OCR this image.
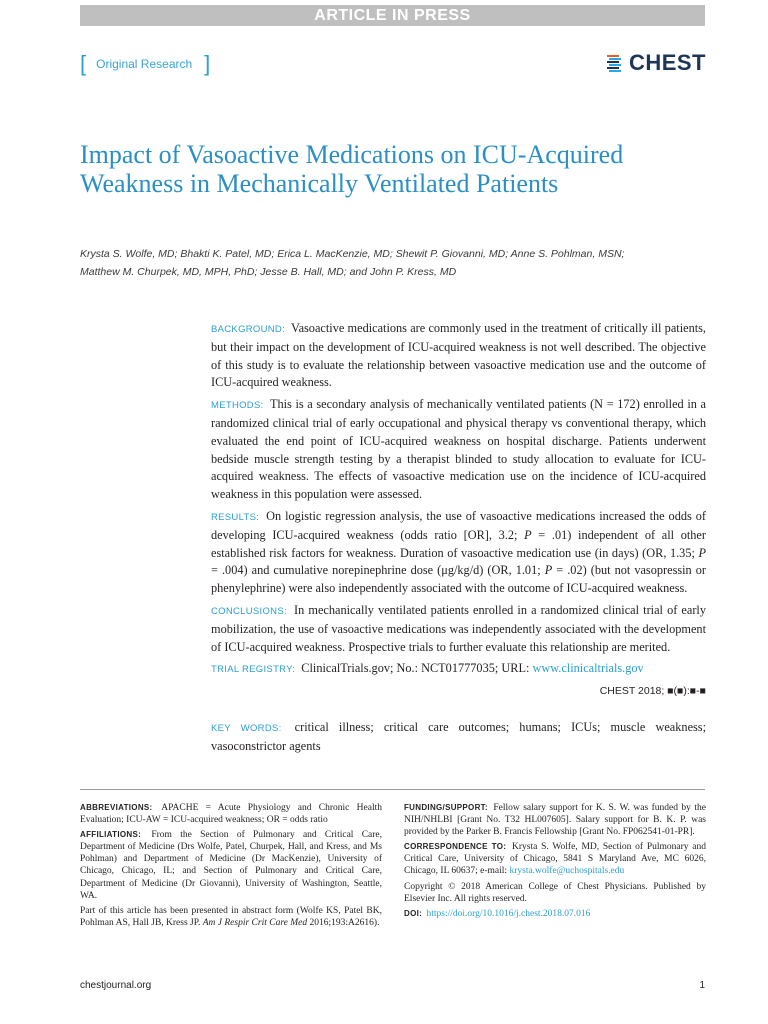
ARTICLE IN PRESS
[ Original Research ]	CHEST
Impact of Vasoactive Medications on ICU-Acquired Weakness in Mechanically Ventilated Patients
Krysta S. Wolfe, MD; Bhakti K. Patel, MD; Erica L. MacKenzie, MD; Shewit P. Giovanni, MD; Anne S. Pohlman, MSN;
Matthew M. Churpek, MD, MPH, PhD; Jesse B. Hall, MD; and John P. Kress, MD

BACKGROUND: Vasoactive medications are commonly used in the treatment of critically ill patients, but their impact on the development of ICU-acquired weakness is not well described. The objective of this study is to evaluate the relationship between vasoactive medication use and the outcome of ICU-acquired weakness.

METHODS: This is a secondary analysis of mechanically ventilated patients (N = 172) enrolled in a randomized clinical trial of early occupational and physical therapy vs conventional therapy, which evaluated the end point of ICU-acquired weakness on hospital discharge. Patients underwent bedside muscle strength testing by a therapist blinded to study allocation to evaluate for ICU-acquired weakness. The effects of vasoactive medication use on the incidence of ICU-acquired weakness in this population were assessed.

RESULTS: On logistic regression analysis, the use of vasoactive medications increased the odds of developing ICU-acquired weakness (odds ratio [OR], 3.2; P = .01) independent of all other established risk factors for weakness. Duration of vasoactive medication use (in days) (OR, 1.35; P = .004) and cumulative norepinephrine dose (μg/kg/d) (OR, 1.01; P = .02) (but not vasopressin or phenylephrine) were also independently associated with the outcome of ICU-acquired weakness.

CONCLUSIONS: In mechanically ventilated patients enrolled in a randomized clinical trial of early mobilization, the use of vasoactive medications was independently associated with the development of ICU-acquired weakness. Prospective trials to further evaluate this relationship are merited.

TRIAL REGISTRY: ClinicalTrials.gov; No.: NCT01777035; URL: www.clinicaltrials.gov

CHEST 2018; ■(■):■-■

KEY WORDS: critical illness; critical care outcomes; humans; ICUs; muscle weakness; vasoconstrictor agents

ABBREVIATIONS: APACHE = Acute Physiology and Chronic Health Evaluation; ICU-AW = ICU-acquired weakness; OR = odds ratio

AFFILIATIONS: From the Section of Pulmonary and Critical Care, Department of Medicine (Drs Wolfe, Patel, Churpek, Hall, and Kress, and Ms Pohlman) and Department of Medicine (Dr MacKenzie), University of Chicago, Chicago, IL; and Section of Pulmonary and Critical Care, Department of Medicine (Dr Giovanni), University of Washington, Seattle, WA.

Part of this article has been presented in abstract form (Wolfe KS, Patel BK, Pohlman AS, Hall JB, Kress JP. Am J Respir Crit Care Med 2016;193:A2616).

FUNDING/SUPPORT: Fellow salary support for K. S. W. was funded by the NIH/NHLBI [Grant No. T32 HL007605]. Salary support for B. K. P. was provided by the Parker B. Francis Fellowship [Grant No. FP062541-01-PR].

CORRESPONDENCE TO: Krysta S. Wolfe, MD, Section of Pulmonary and Critical Care, University of Chicago, 5841 S Maryland Ave, MC 6026, Chicago, IL 60637; e-mail: krysta.wolfe@uchospitals.edu

Copyright © 2018 American College of Chest Physicians. Published by Elsevier Inc. All rights reserved.

DOI: https://doi.org/10.1016/j.chest.2018.07.016

chestjournal.org	1
